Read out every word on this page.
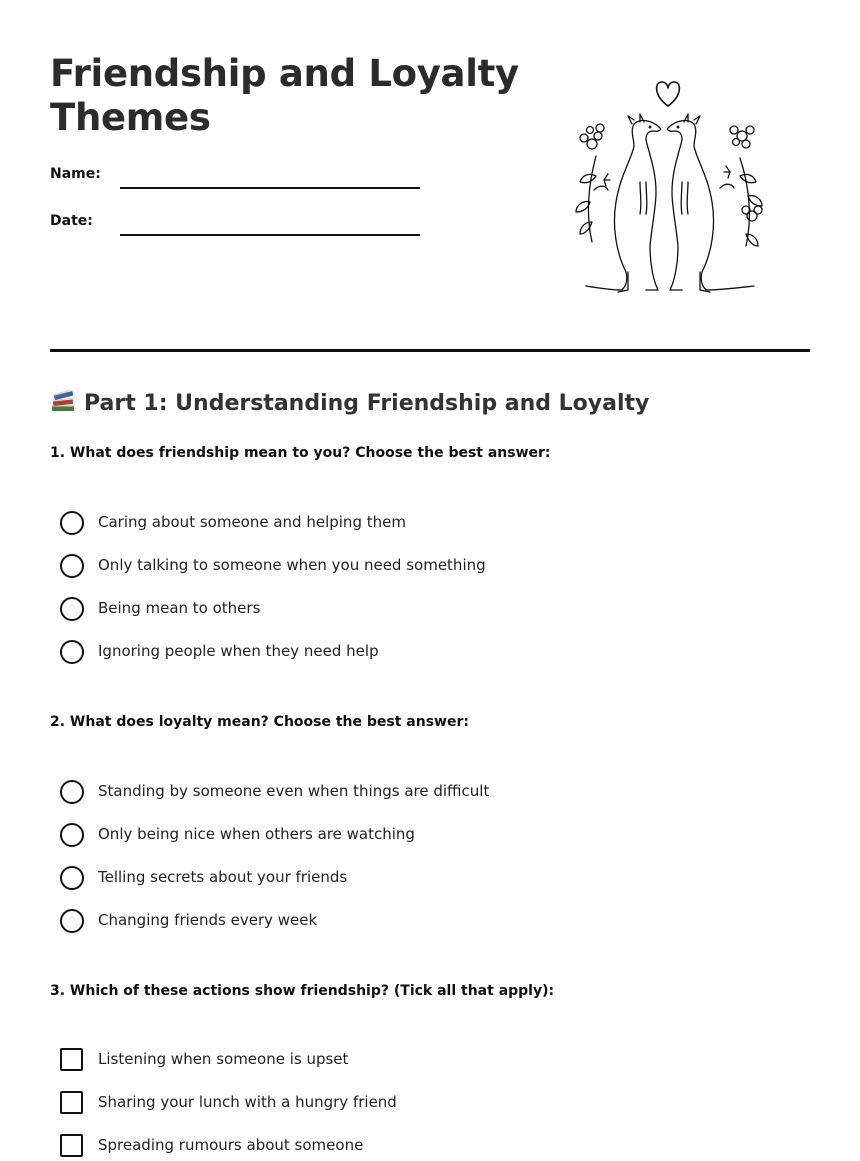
Friendship and Loyalty Themes
Name:
Date:
Part 1: Understanding Friendship and Loyalty

1. What does friendship mean to you? Choose the best answer:

Caring about someone and helping them
Only talking to someone when you need something
Being mean to others
Ignoring people when they need help

2. What does loyalty mean? Choose the best answer:

Standing by someone even when things are difficult
Only being nice when others are watching
Telling secrets about your friends
Changing friends every week

3. Which of these actions show friendship? (Tick all that apply):

Listening when someone is upset
Sharing your lunch with a hungry friend
Spreading rumours about someone
